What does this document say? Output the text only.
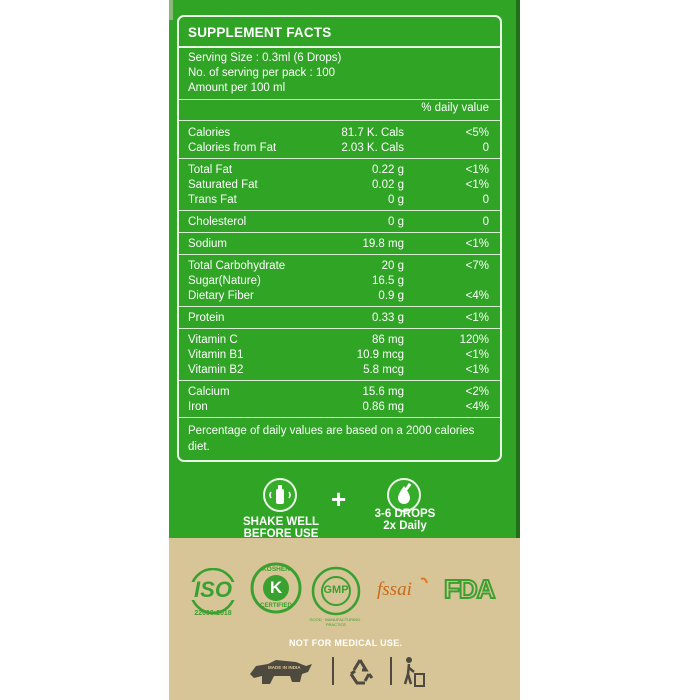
SUPPLEMENT FACTS
Serving Size : 0.3ml (6 Drops)
No. of serving per pack : 100
Amount per 100 ml
% daily value
Percentage of daily values are based on a 2000 calories diet.
Calories	81.7 K. Cals	<5%
Calories from Fat	2.03 K. Cals	0
Total Fat	0.22 g	<1%
Saturated Fat	0.02 g	<1%
Trans Fat	0 g	0
Cholesterol	0 g	0
Sodium	19.8 mg	<1%
Total Carbohydrate	20 g	<7%
Sugar(Nature)	16.5 g
Dietary Fiber	0.9 g	<4%
Protein	0.33 g	<1%
Vitamin C	86 mg	120%
Vitamin B1	10.9 mcg	<1%
Vitamin B2	5.8 mcg	<1%
Calcium	15.6 mg	<2%
Iron	0.86 mg	<4%
SHAKE WELL
BEFORE USE
+	3-6 DROPS
2x Daily
ISO
22000:2018
KOSHER
K
CERTIFIED
GMP
GOOD · MANUFACTURING · PRACTICE
fssai FDA
NOT FOR MEDICAL USE.
MADE IN INDIA
